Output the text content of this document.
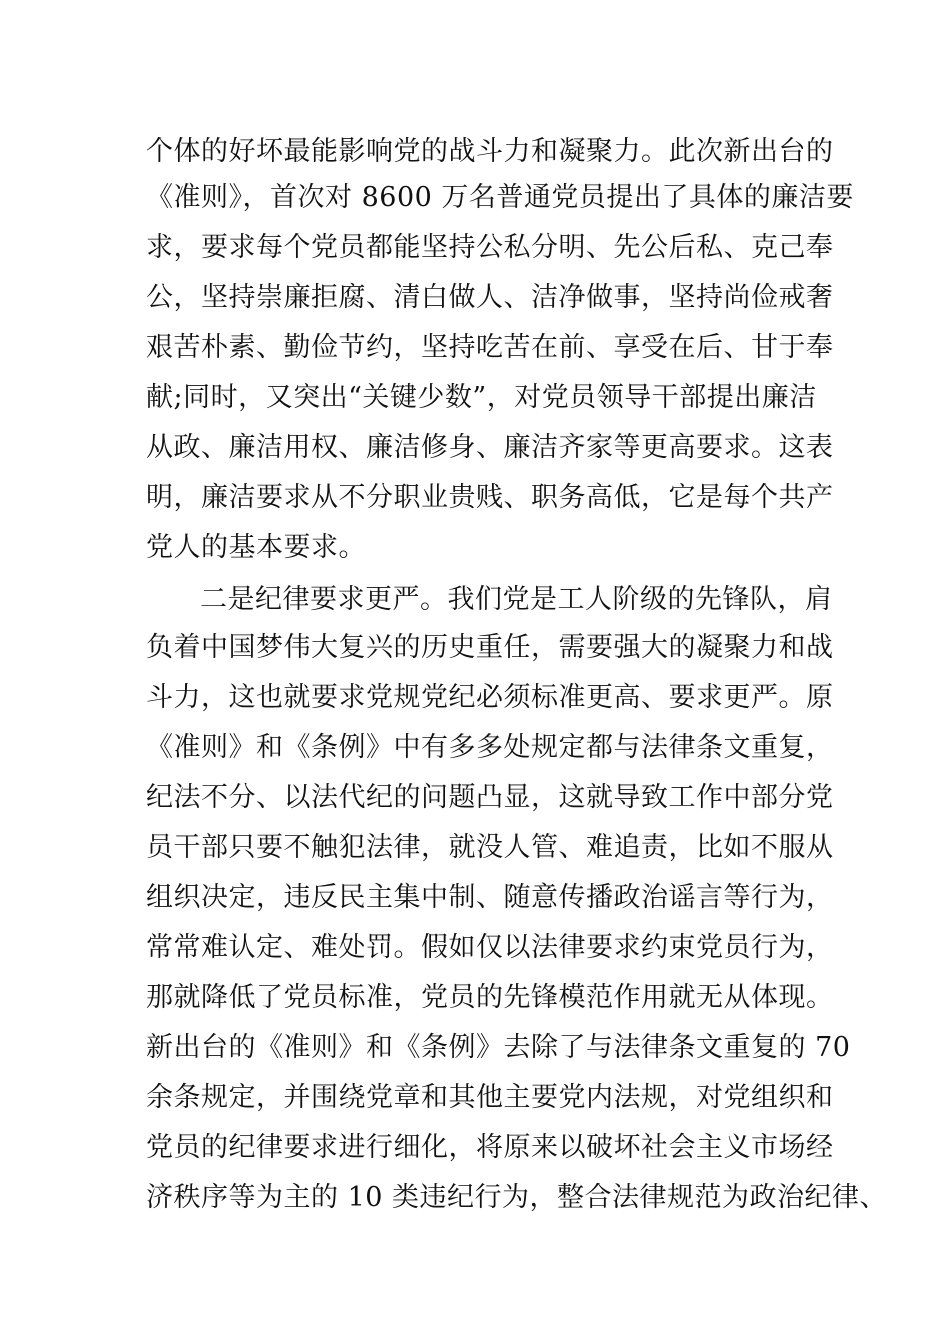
个体的好坏最能影响党的战斗力和凝聚力。此次新出台的
《准则》，首次对 8600 万名普通党员提出了具体的廉洁要
求，要求每个党员都能坚持公私分明、先公后私、克己奉
公，坚持崇廉拒腐、清白做人、洁净做事，坚持尚俭戒奢
艰苦朴素、勤俭节约，坚持吃苦在前、享受在后、甘于奉
献;同时，又突出“关键少数”，对党员领导干部提出廉洁
从政、廉洁用权、廉洁修身、廉洁齐家等更高要求。这表
明，廉洁要求从不分职业贵贱、职务高低，它是每个共产
党人的基本要求。
二是纪律要求更严。我们党是工人阶级的先锋队，肩
负着中国梦伟大复兴的历史重任，需要强大的凝聚力和战
斗力，这也就要求党规党纪必须标准更高、要求更严。原
《准则》和《条例》中有多多处规定都与法律条文重复，
纪法不分、以法代纪的问题凸显，这就导致工作中部分党
员干部只要不触犯法律，就没人管、难追责，比如不服从
组织决定，违反民主集中制、随意传播政治谣言等行为，
常常难认定、难处罚。假如仅以法律要求约束党员行为，
那就降低了党员标准，党员的先锋模范作用就无从体现。
新出台的《准则》和《条例》去除了与法律条文重复的 70
余条规定，并围绕党章和其他主要党内法规，对党组织和
党员的纪律要求进行细化，将原来以破坏社会主义市场经
济秩序等为主的 10 类违纪行为，整合法律规范为政治纪律、
